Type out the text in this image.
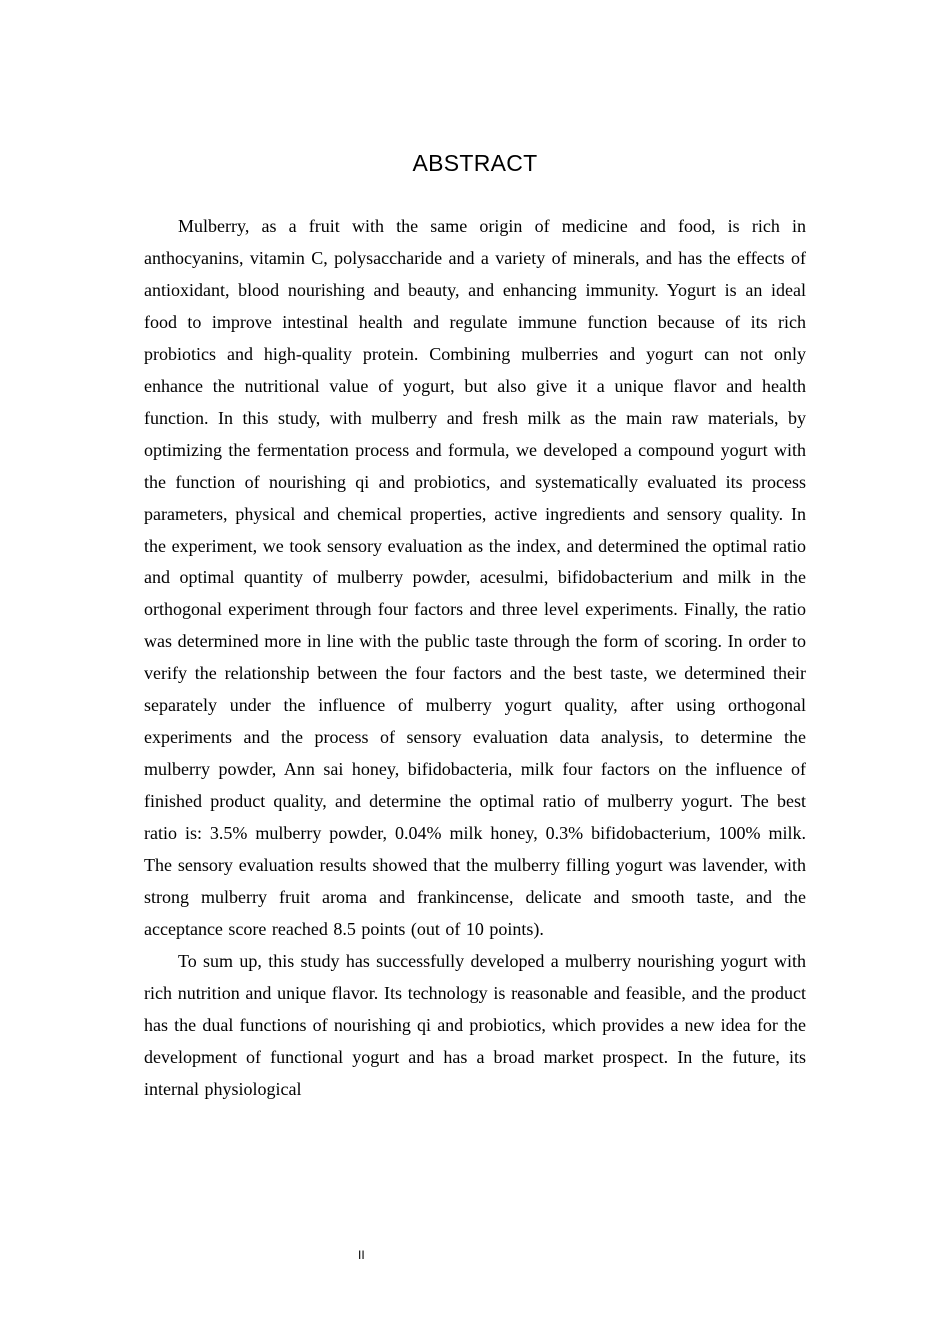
ABSTRACT

Mulberry, as a fruit with the same origin of medicine and food, is rich in anthocyanins, vitamin C, polysaccharide and a variety of minerals, and has the effects of antioxidant, blood nourishing and beauty, and enhancing immunity. Yogurt is an ideal food to improve intestinal health and regulate immune function because of its rich probiotics and high-quality protein. Combining mulberries and yogurt can not only enhance the nutritional value of yogurt, but also give it a unique flavor and health function. In this study, with mulberry and fresh milk as the main raw materials, by optimizing the fermentation process and formula, we developed a compound yogurt with the function of nourishing qi and probiotics, and systematically evaluated its process parameters, physical and chemical properties, active ingredients and sensory quality. In the experiment, we took sensory evaluation as the index, and determined the optimal ratio and optimal quantity of mulberry powder, acesulmi, bifidobacterium and milk in the orthogonal experiment through four factors and three level experiments. Finally, the ratio was determined more in line with the public taste through the form of scoring. In order to verify the relationship between the four factors and the best taste, we determined their separately under the influence of mulberry yogurt quality, after using orthogonal experiments and the process of sensory evaluation data analysis, to determine the mulberry powder, Ann sai honey, bifidobacteria, milk four factors on the influence of finished product quality, and determine the optimal ratio of mulberry yogurt. The best ratio is: 3.5% mulberry powder, 0.04% milk honey, 0.3% bifidobacterium, 100% milk. The sensory evaluation results showed that the mulberry filling yogurt was lavender, with strong mulberry fruit aroma and frankincense, delicate and smooth taste, and the acceptance score reached 8.5 points (out of 10 points).

To sum up, this study has successfully developed a mulberry nourishing yogurt with rich nutrition and unique flavor. Its technology is reasonable and feasible, and the product has the dual functions of nourishing qi and probiotics, which provides a new idea for the development of functional yogurt and has a broad market prospect. In the future, its internal physiological

II
